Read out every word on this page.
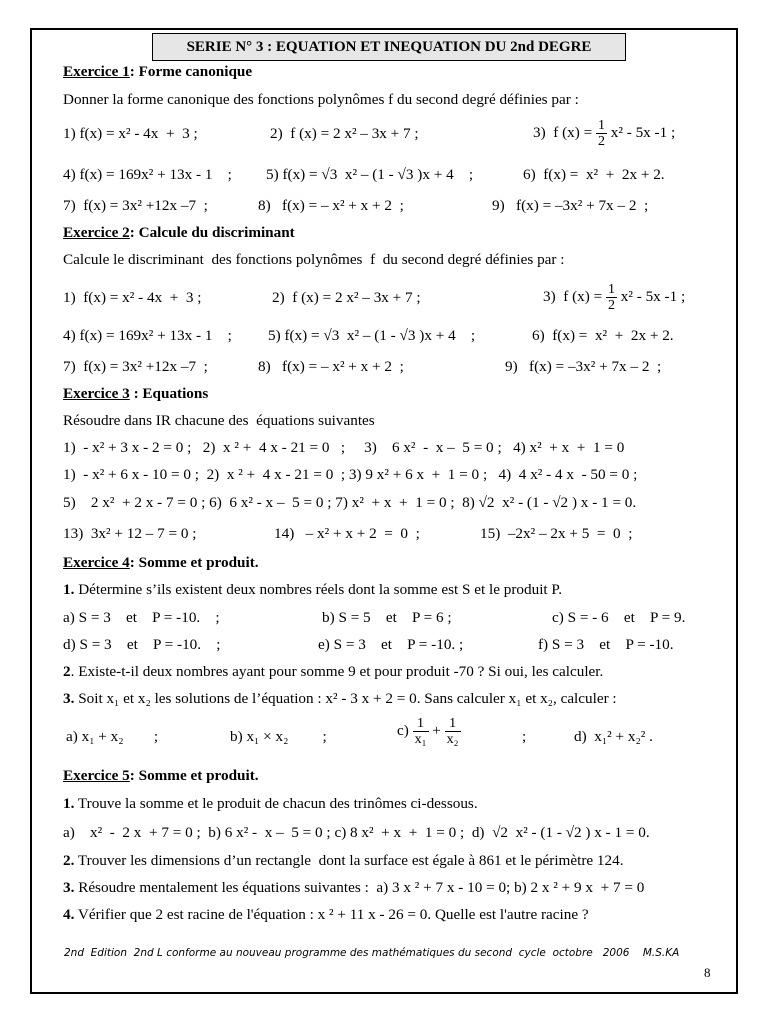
SERIE N° 3 : EQUATION ET INEQUATION DU 2nd DEGRE
Exercice 1: Forme canonique
Donner la forme canonique des fonctions polynômes f du second degré définies par :
1) f(x) = x² - 4x  +  3 ;	2)  f (x) = 2 x² – 3x + 7 ;	3)  f $(x) = \frac{1}{2} x^2 - 5x$ -1 ;
4) f(x) = 169x² + 13x - 1    ; 5) f(x) = √3  x² – (1 - √3 )x + 4    ;	6)  f(x) =  x²  +  2x + 2.
7)  f(x) = 3x² +12x –7  ;	8)   f(x) = – x² + x + 2  ;	9)   f(x) = –3x² + 7x – 2  ;
Exercice 2: Calcule du discriminant
Calcule le discriminant  des fonctions polynômes  f  du second degré définies par :
1)  f(x) = x² - 4x  +  3 ;	2)  f (x) = 2 x² – 3x + 7 ;	3)  f $(x) = \frac{1}{2} x^2 - 5x$ -1 ;
4) f(x) = 169x² + 13x - 1    ; 5) f(x) = √3  x² – (1 - √3 )x + 4    ;	6)  f(x) =  x²  +  2x + 2.
7)  f(x) = 3x² +12x –7  ;	8)   f(x) = – x² + x + 2  ;	9)   f(x) = –3x² + 7x – 2  ;
Exercice 3 : Equations
Résoudre dans IR chacune des  équations suivantes
1)  - x² + 3 x - 2 = 0 ;   2)  x ² +  4 x - 21 = 0   ;     3)    6 x²  -  x –  5 = 0 ;   4) x²  + x  +  1 = 0
1)  - x² + 6 x - 10 = 0 ;  2)  x ² +  4 x - 21 = 0  ; 3) 9 x² + 6 x  +  1 = 0 ;   4)  4 x² - 4 x  - 50 = 0 ;
5)    2 x²  + 2 x - 7 = 0 ; 6)  6 x² - x –  5 = 0 ; 7) x²  + x  +  1 = 0 ;  8) √2  x² - (1 - √2 ) x - 1 = 0.
13)  3x² + 12 – 7 = 0 ;	14)   – x² + x + 2  =  0  ;	15)  –2x² – 2x + 5  =  0  ;
Exercice 4: Somme et produit.
1. Détermine s’ils existent deux nombres réels dont la somme est S et le produit P.
a) S = 3    et    P = -10.    ;	b) S = 5    et    P = 6 ;	c) S = - 6    et    P = 9.
d) S = 3    et    P = -10.    ;	e) S = 3    et    P = -10. ;	f) S = 3    et    P = -10.
2. Existe-t-il deux nombres ayant pour somme 9 et pour produit -70 ? Si oui, les calculer.
3. Soit x₁ et x₂ les solutions de l’équation : x² - 3 x + 2 = 0. Sans calculer x₁ et x₂, calculer :
a) x₁ + x₂        ;	b) x₁ × x₂         ;	$c) \frac{1}{\text{x₁}} + \frac{1}{\text{x₂}}$	;	d)  x₁² + x₂² .
Exercice 5: Somme et produit.
1. Trouve la somme et le produit de chacun des trinômes ci-dessous.
a)    x²  -  2 x  + 7 = 0 ;  b) 6 x² -  x –  5 = 0 ; c) 8 x²  + x  +  1 = 0 ;  d)  √2  x² - (1 - √2 ) x - 1 = 0.
2. Trouver les dimensions d’un rectangle  dont la surface est égale à 861 et le périmètre 124.
3. Résoudre mentalement les équations suivantes :  a) 3 x ² + 7 x - 10 = 0; b) 2 x ² + 9 x  + 7 = 0
4. Vérifier que 2 est racine de l'équation : x ² + 11 x - 26 = 0. Quelle est l'autre racine ?
2nd  Edition  2nd L conforme au nouveau programme des mathématiques du second  cycle  octobre   2006    M.S.KA
8
